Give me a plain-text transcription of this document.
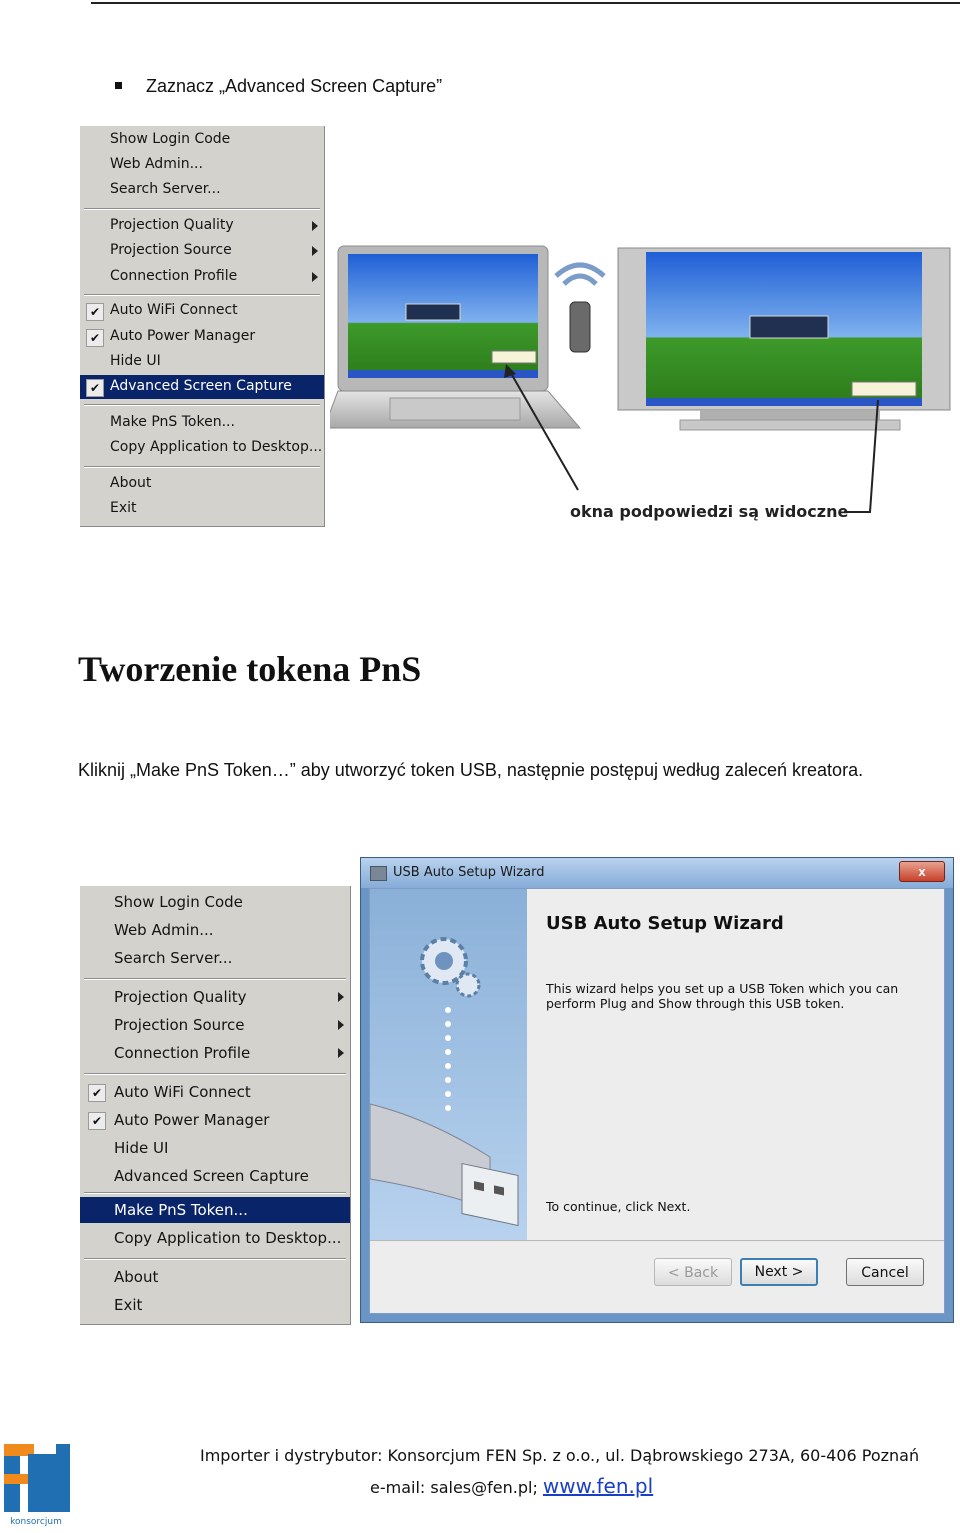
Zaznacz „Advanced Screen Capture”
Show Login Code
Web Admin...
Search Server...
Projection Quality
Projection Source
Connection Profile
✔ Auto WiFi Connect
✔ Auto Power Manager
Hide UI
✔ Advanced Screen Capture
Make PnS Token...
Copy Application to Desktop...
About
Exit	okna podpowiedzi są widoczne
Tworzenie tokena PnS
Kliknij „Make PnS Token…” aby utworzyć token USB, następnie postępuj według zaleceń kreatora.
Show Login Code
Web Admin...
Search Server...
Projection Quality
Projection Source
Connection Profile
✔ Auto WiFi Connect
✔ Auto Power Manager
Hide UI
Advanced Screen Capture
Make PnS Token...
Copy Application to Desktop...
About
Exit
USB Auto Setup Wizard	x
USB Auto Setup Wizard
This wizard helps you set up a USB Token which you can perform Plug and Show through this USB token.
To continue, click Next.
< Back	Next >	Cancel
konsorcjum
Importer i dystrybutor: Konsorcjum FEN Sp. z o.o., ul. Dąbrowskiego 273A, 60-406 Poznań
e-mail: sales@fen.pl; www.fen.pl
